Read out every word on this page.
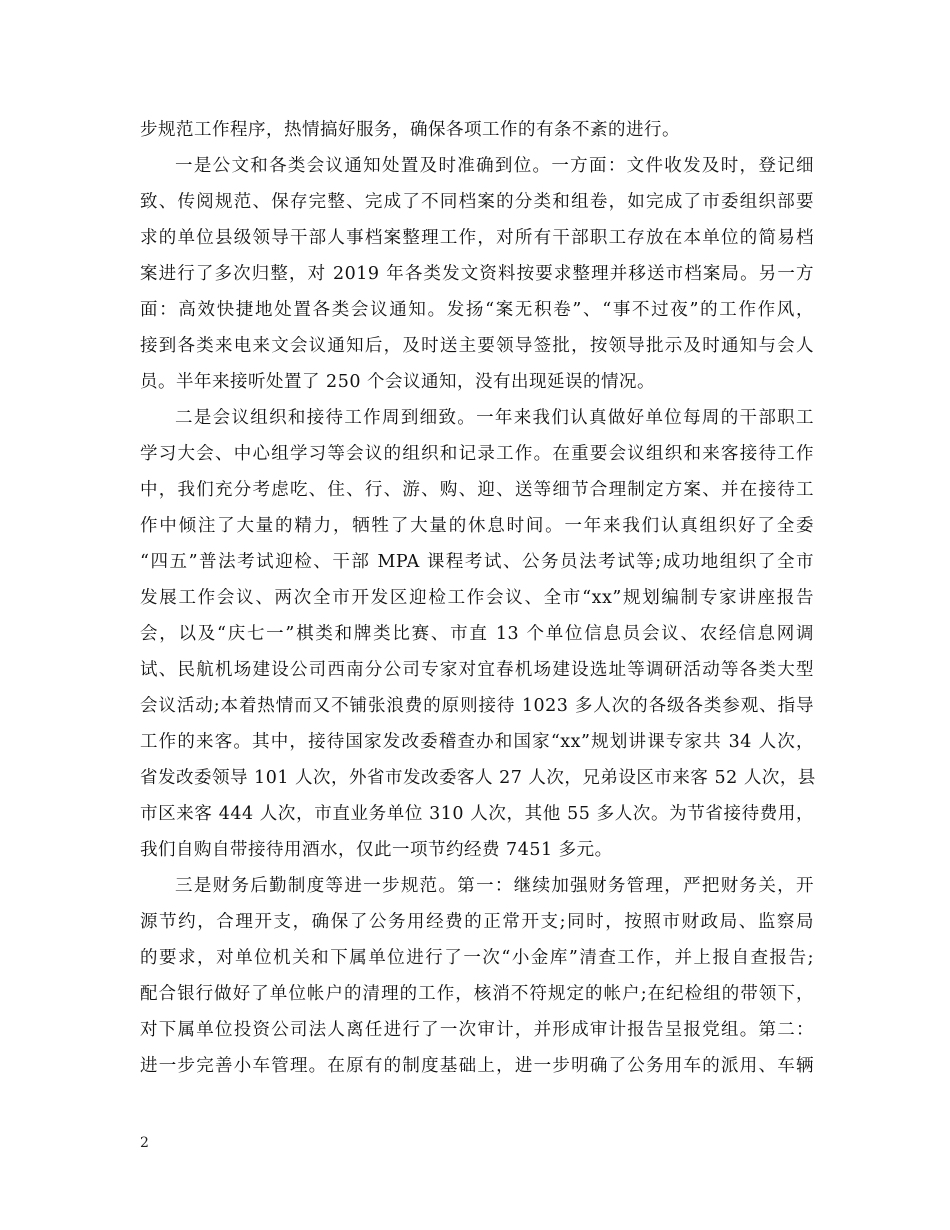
步规范工作程序，热情搞好服务，确保各项工作的有条不紊的进行。
一是公文和各类会议通知处置及时准确到位。一方面：文件收发及时，登记细
致、传阅规范、保存完整、完成了不同档案的分类和组卷，如完成了市委组织部要
求的单位县级领导干部人事档案整理工作，对所有干部职工存放在本单位的简易档
案进行了多次归整，对 2019 年各类发文资料按要求整理并移送市档案局。另一方
面：高效快捷地处置各类会议通知。发扬“案无积卷”、“事不过夜”的工作作风，
接到各类来电来文会议通知后，及时送主要领导签批，按领导批示及时通知与会人
员。半年来接听处置了 250 个会议通知，没有出现延误的情况。
二是会议组织和接待工作周到细致。一年来我们认真做好单位每周的干部职工
学习大会、中心组学习等会议的组织和记录工作。在重要会议组织和来客接待工作
中，我们充分考虑吃、住、行、游、购、迎、送等细节合理制定方案、并在接待工
作中倾注了大量的精力，牺牲了大量的休息时间。一年来我们认真组织好了全委
“四五”普法考试迎检、干部 MPA 课程考试、公务员法考试等;成功地组织了全市
发展工作会议、两次全市开发区迎检工作会议、全市“xx”规划编制专家讲座报告
会，以及“庆七一”棋类和牌类比赛、市直 13 个单位信息员会议、农经信息网调
试、民航机场建设公司西南分公司专家对宜春机场建设选址等调研活动等各类大型
会议活动;本着热情而又不铺张浪费的原则接待 1023 多人次的各级各类参观、指导
工作的来客。其中，接待国家发改委稽查办和国家“xx”规划讲课专家共 34 人次，
省发改委领导 101 人次，外省市发改委客人 27 人次，兄弟设区市来客 52 人次，县
市区来客 444 人次，市直业务单位 310 人次，其他 55 多人次。为节省接待费用，
我们自购自带接待用酒水，仅此一项节约经费 7451 多元。
三是财务后勤制度等进一步规范。第一：继续加强财务管理，严把财务关，开
源节约，合理开支，确保了公务用经费的正常开支;同时，按照市财政局、监察局
的要求，对单位机关和下属单位进行了一次“小金库”清查工作，并上报自查报告;
配合银行做好了单位帐户的清理的工作，核消不符规定的帐户;在纪检组的带领下，
对下属单位投资公司法人离任进行了一次审计，并形成审计报告呈报党组。第二：
进一步完善小车管理。在原有的制度基础上，进一步明确了公务用车的派用、车辆
2
